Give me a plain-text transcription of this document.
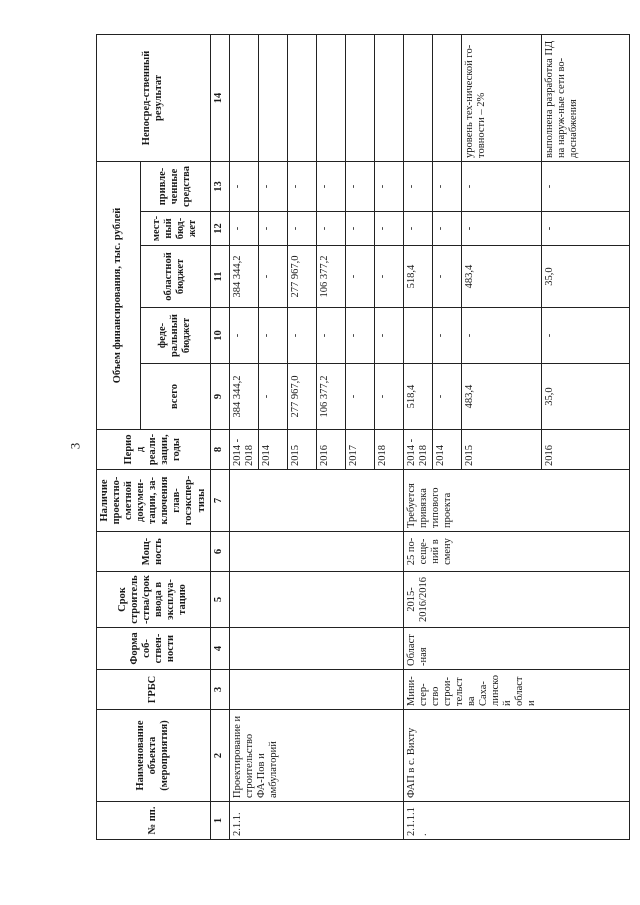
3
№ пп.	Наименование объекта (мероприятия)	ГРБС	Форма соб-ствен-ности	Срок строитель-ства/срок ввода в эксплуа-тацию	Мощ-ность	Наличие проектно-сметной докумен-тации, за-ключения глав-госэкспер-тизы	Период реали-зации, годы	Объем финансирования, тыс. рублей					Непосред-ственный результат
								всего	феде-ральный бюджет	областной бюджет	мест-ный бюд-жет	привле-ченные средства	
1	2	3	4	5	6	7	8	9	10	11	12	13	14
2.1.1.	Проектирование и строительство ФА-Пов и амбулаторий						2014 - 2018	384 344,2	-	384 344,2	-	-	
							2014	-	-	-	-	-	
							2015	277 967,0	-	277 967,0	-	-	
							2016	106 377,2	-	106 377,2	-	-	
							2017	-	-	-	-	-	
							2018	-	-	-	-	-	
2.1.1.1.	ФАП в с. Вихту	Мини-стер-ство строи-тельства Саха-линской области	Област-ная	2015-2016/2016	25 по-сеще-ний в смену	Требуется привязка типового проекта	2014 - 2018	518,4		518,4	-	-	
							2014	-	-	-	-	-	
							2015	483,4	-	483,4	-	-	уровень тех-нической го-товности – 2%
							2016	35,0	-	35,0	-	-	выполнена разработка ПД на наруж-ные сети во-доснабжения
